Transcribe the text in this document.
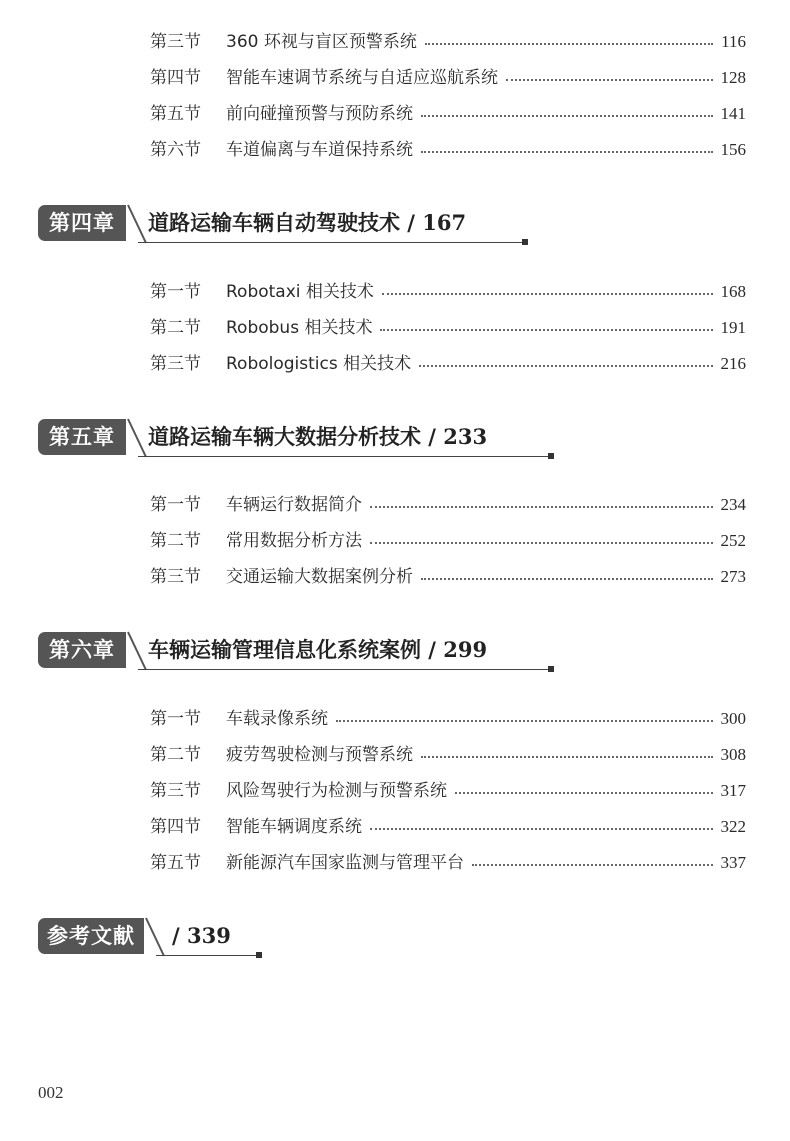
第三节	360 环视与盲区预警系统	116
第四节	智能车速调节系统与自适应巡航系统	128
第五节	前向碰撞预警与预防系统	141
第六节	车道偏离与车道保持系统	156
第四章	道路运输车辆自动驾驶技术 / 167
第一节	Robotaxi 相关技术	168
第二节	Robobus 相关技术	191
第三节	Robologistics 相关技术	216
第五章	道路运输车辆大数据分析技术 / 233
第一节	车辆运行数据简介	234
第二节	常用数据分析方法	252
第三节	交通运输大数据案例分析	273
第六章	车辆运输管理信息化系统案例 / 299
第一节	车载录像系统	300
第二节	疲劳驾驶检测与预警系统	308
第三节	风险驾驶行为检测与预警系统	317
第四节	智能车辆调度系统	322
第五节	新能源汽车国家监测与管理平台	337
参考文献	/ 339
002
